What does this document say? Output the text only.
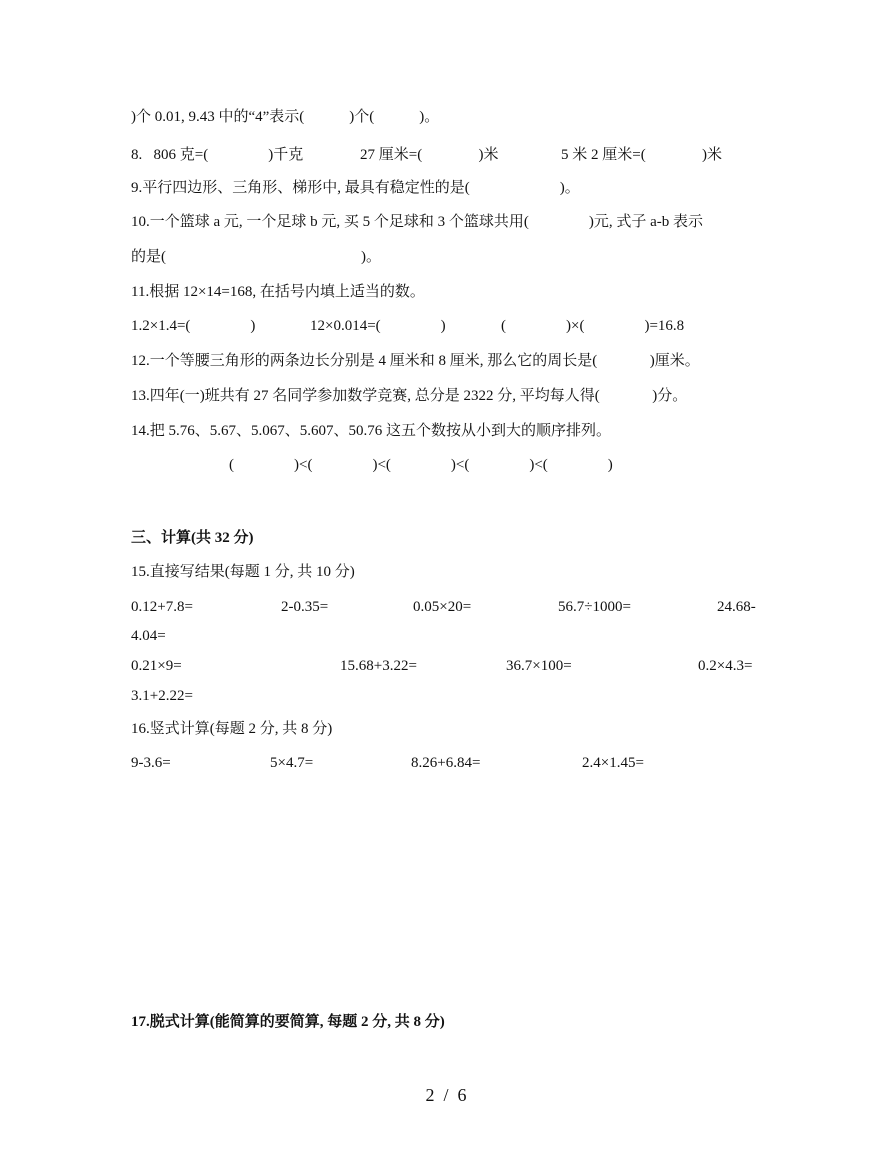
)个 0.01, 9.43 中的“4”表示(            )个(            )。
8.   806 克=(                )千克	27 厘米=(               )米	5 米 2 厘米=(               )米
9.平行四边形、三角形、梯形中, 最具有稳定性的是(                        )。
10.一个篮球 a 元, 一个足球 b 元, 买 5 个足球和 3 个篮球共用(                )元, 式子 a-b 表示
的是(                                                    )。
11.根据 12×14=168, 在括号内填上适当的数。
1.2×1.4=(                )	12×0.014=(                )	(                )×(                )=16.8
12.一个等腰三角形的两条边长分别是 4 厘米和 8 厘米, 那么它的周长是(              )厘米。
13.四年(一)班共有 27 名同学参加数学竞赛, 总分是 2322 分, 平均每人得(              )分。
14.把 5.76、5.67、5.067、5.607、50.76 这五个数按从小到大的顺序排列。
(                )<(                )<(                )<(                )<(                )
三、计算(共 32 分)
15.直接写结果(每题 1 分, 共 10 分)
0.12+7.8=	2-0.35=	0.05×20=	56.7÷1000=	24.68-
4.04=
0.21×9=	15.68+3.22=	36.7×100=	0.2×4.3=
3.1+2.22=
16.竖式计算(每题 2 分, 共 8 分)
9-3.6=	5×4.7=	8.26+6.84=	2.4×1.45=
17.脱式计算(能简算的要简算, 每题 2 分, 共 8 分)
2  /  6
